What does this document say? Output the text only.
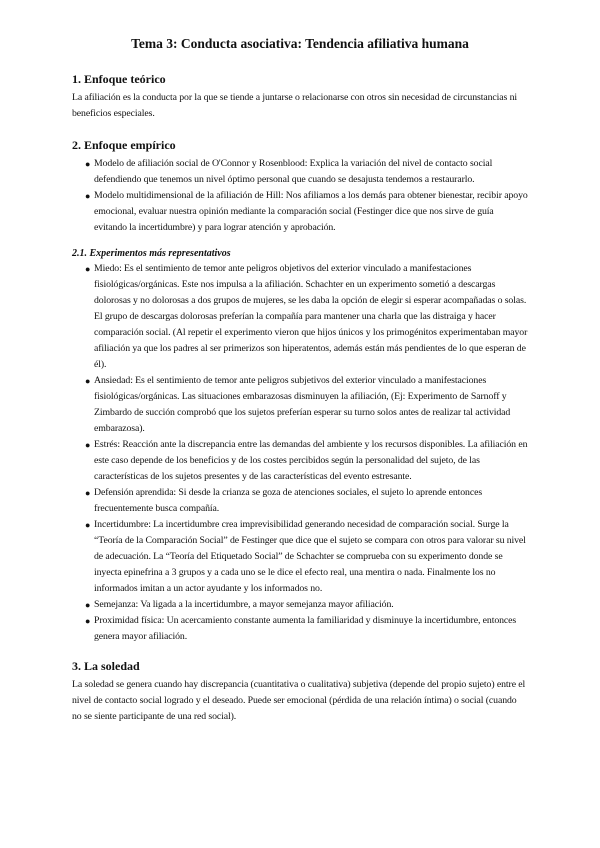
Tema 3: Conducta asociativa: Tendencia afiliativa humana
1. Enfoque teórico

La afiliación es la conducta por la que se tiende a juntarse o relacionarse con otros sin necesidad de circunstancias ni beneficios especiales.

2. Enfoque empírico
● Modelo de afiliación social de O'Connor y Rosenblood: Explica la variación del nivel de contacto social defendiendo que tenemos un nivel óptimo personal que cuando se desajusta tendemos a restaurarlo.
● Modelo multidimensional de la afiliación de Hill: Nos afiliamos a los demás para obtener bienestar, recibir apoyo emocional, evaluar nuestra opinión mediante la comparación social (Festinger dice que nos sirve de guía evitando la incertidumbre) y para lograr atención y aprobación.
2.1. Experimentos más representativos
● Miedo: Es el sentimiento de temor ante peligros objetivos del exterior vinculado a manifestaciones fisiológicas/orgánicas. Este nos impulsa a la afiliación. Schachter en un experimento sometió a descargas dolorosas y no dolorosas a dos grupos de mujeres, se les daba la opción de elegir si esperar acompañadas o solas. El grupo de descargas dolorosas preferían la compañía para mantener una charla que las distraiga y hacer comparación social. (Al repetir el experimento vieron que hijos únicos y los primogénitos experimentaban mayor afiliación ya que los padres al ser primerizos son hiperatentos, además están más pendientes de lo que esperan de él).
● Ansiedad: Es el sentimiento de temor ante peligros subjetivos del exterior vinculado a manifestaciones fisiológicas/orgánicas. Las situaciones embarazosas disminuyen la afiliación, (Ej: Experimento de Sarnoff y Zimbardo de succión comprobó que los sujetos preferían esperar su turno solos antes de realizar tal actividad embarazosa).
● Estrés: Reacción ante la discrepancia entre las demandas del ambiente y los recursos disponibles. La afiliación en este caso depende de los beneficios y de los costes percibidos según la personalidad del sujeto, de las características de los sujetos presentes y de las características del evento estresante.
● Defensión aprendida: Si desde la crianza se goza de atenciones sociales, el sujeto lo aprende entonces frecuentemente busca compañía.
● Incertidumbre: La incertidumbre crea imprevisibilidad generando necesidad de comparación social. Surge la “Teoría de la Comparación Social” de Festinger que dice que el sujeto se compara con otros para valorar su nivel de adecuación. La “Teoría del Etiquetado Social” de Schachter se comprueba con su experimento donde se inyecta epinefrina a 3 grupos y a cada uno se le dice el efecto real, una mentira o nada. Finalmente los no informados imitan a un actor ayudante y los informados no.
● Semejanza: Va ligada a la incertidumbre, a mayor semejanza mayor afiliación.
● Proximidad física: Un acercamiento constante aumenta la familiaridad y disminuye la incertidumbre, entonces genera mayor afiliación.
3. La soledad

La soledad se genera cuando hay discrepancia (cuantitativa o cualitativa) subjetiva (depende del propio sujeto) entre el nivel de contacto social logrado y el deseado. Puede ser emocional (pérdida de una relación íntima) o social (cuando no se siente participante de una red social).
